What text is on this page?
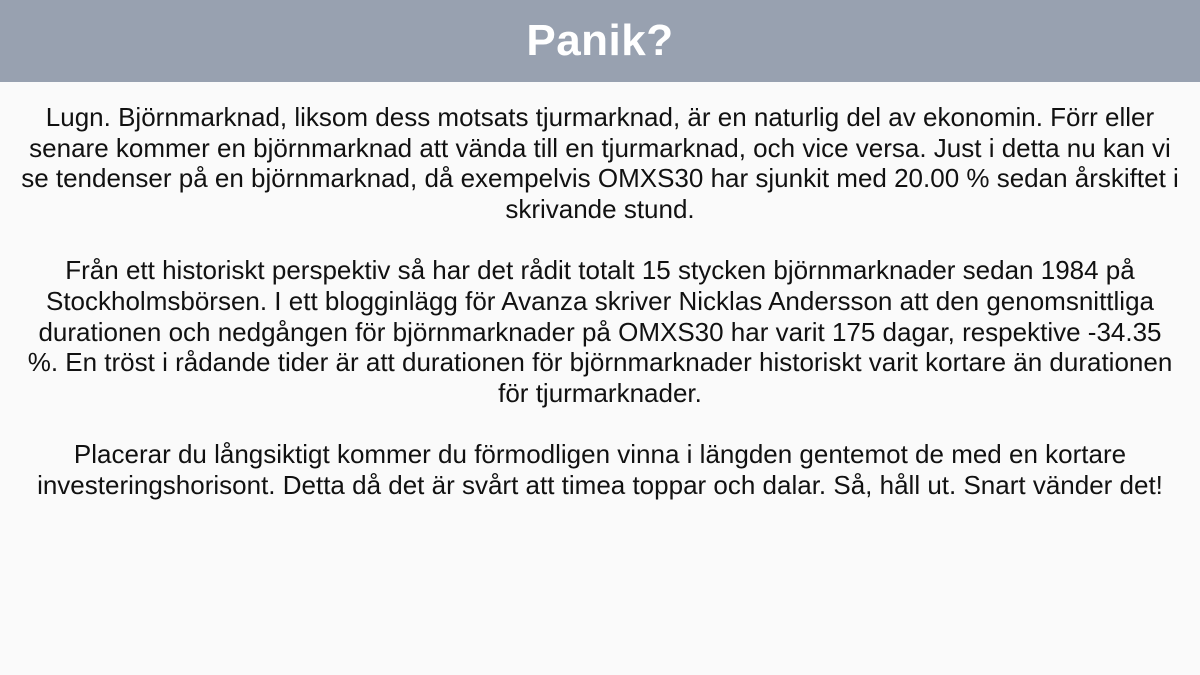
Panik?

Lugn. Björnmarknad, liksom dess motsats tjurmarknad, är en naturlig del av ekonomin. Förr eller senare kommer en björnmarknad att vända till en tjurmarknad, och vice versa. Just i detta nu kan vi se tendenser på en björnmarknad, då exempelvis OMXS30 har sjunkit med 20.00 % sedan årskiftet i skrivande stund.

Från ett historiskt perspektiv så har det rådit totalt 15 stycken björnmarknader sedan 1984 på Stockholmsbörsen. I ett blogginlägg för Avanza skriver Nicklas Andersson att den genomsnittliga durationen och nedgången för björnmarknader på OMXS30 har varit 175 dagar, respektive -34.35 %. En tröst i rådande tider är att durationen för björnmarknader historiskt varit kortare än durationen för tjurmarknader.

Placerar du långsiktigt kommer du förmodligen vinna i längden gentemot de med en kortare investeringshorisont. Detta då det är svårt att timea toppar och dalar. Så, håll ut. Snart vänder det!
